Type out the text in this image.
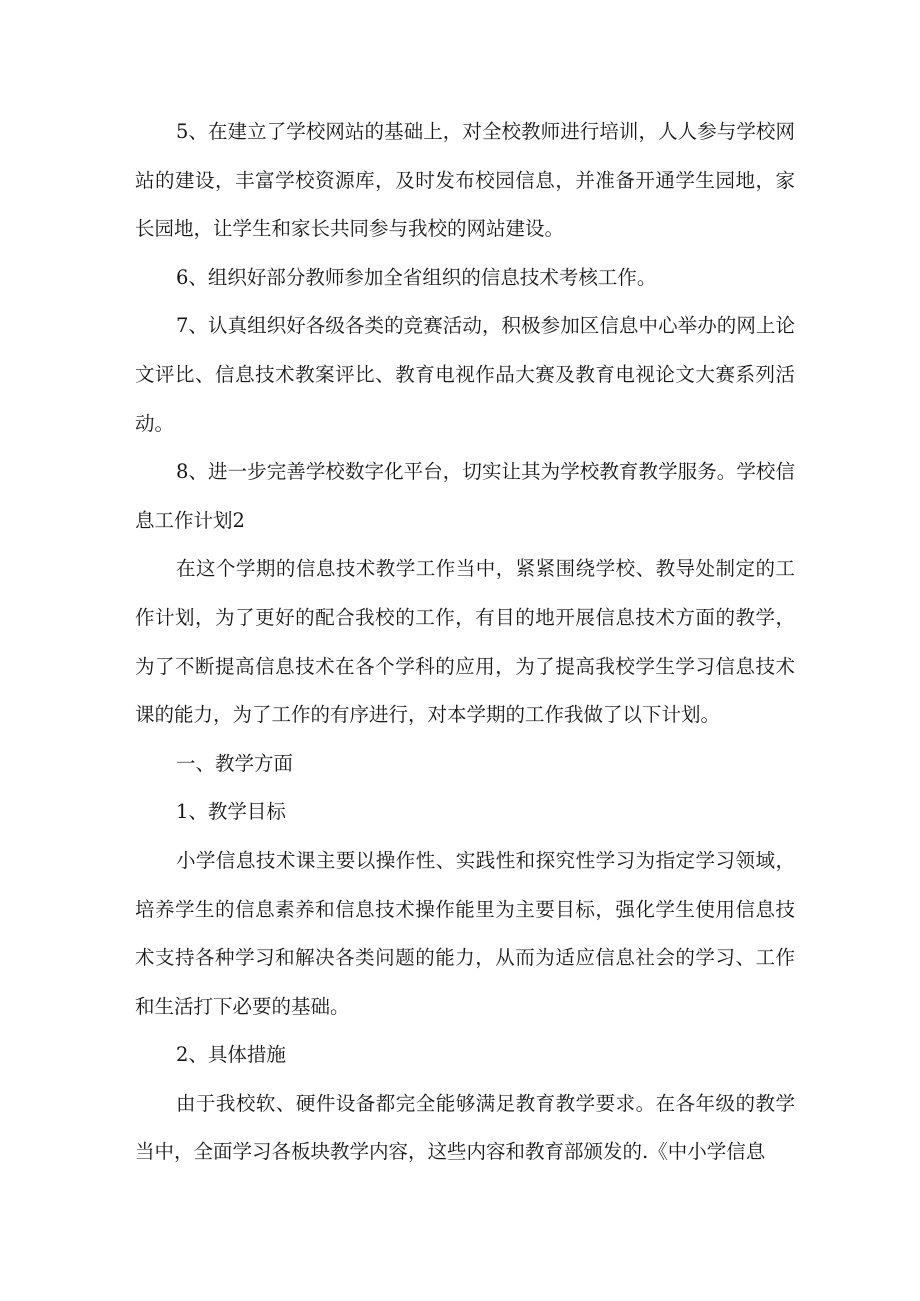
5、在建立了学校网站的基础上，对全校教师进行培训，人人参与学校网站的建设，丰富学校资源库，及时发布校园信息，并准备开通学生园地，家长园地，让学生和家长共同参与我校的网站建设。

6、组织好部分教师参加全省组织的信息技术考核工作。

7、认真组织好各级各类的竞赛活动，积极参加区信息中心举办的网上论文评比、信息技术教案评比、教育电视作品大赛及教育电视论文大赛系列活动。

8、进一步完善学校数字化平台，切实让其为学校教育教学服务。学校信息工作计划2

在这个学期的信息技术教学工作当中，紧紧围绕学校、教导处制定的工作计划，为了更好的配合我校的工作，有目的地开展信息技术方面的教学，为了不断提高信息技术在各个学科的应用，为了提高我校学生学习信息技术课的能力，为了工作的有序进行，对本学期的工作我做了以下计划。

一、教学方面

1、教学目标

小学信息技术课主要以操作性、实践性和探究性学习为指定学习领域，培养学生的信息素养和信息技术操作能里为主要目标，强化学生使用信息技术支持各种学习和解决各类问题的能力，从而为适应信息社会的学习、工作和生活打下必要的基础。

2、具体措施

由于我校软、硬件设备都完全能够满足教育教学要求。在各年级的教学当中，全面学习各板块教学内容，这些内容和教育部颁发的.《中小学信息
